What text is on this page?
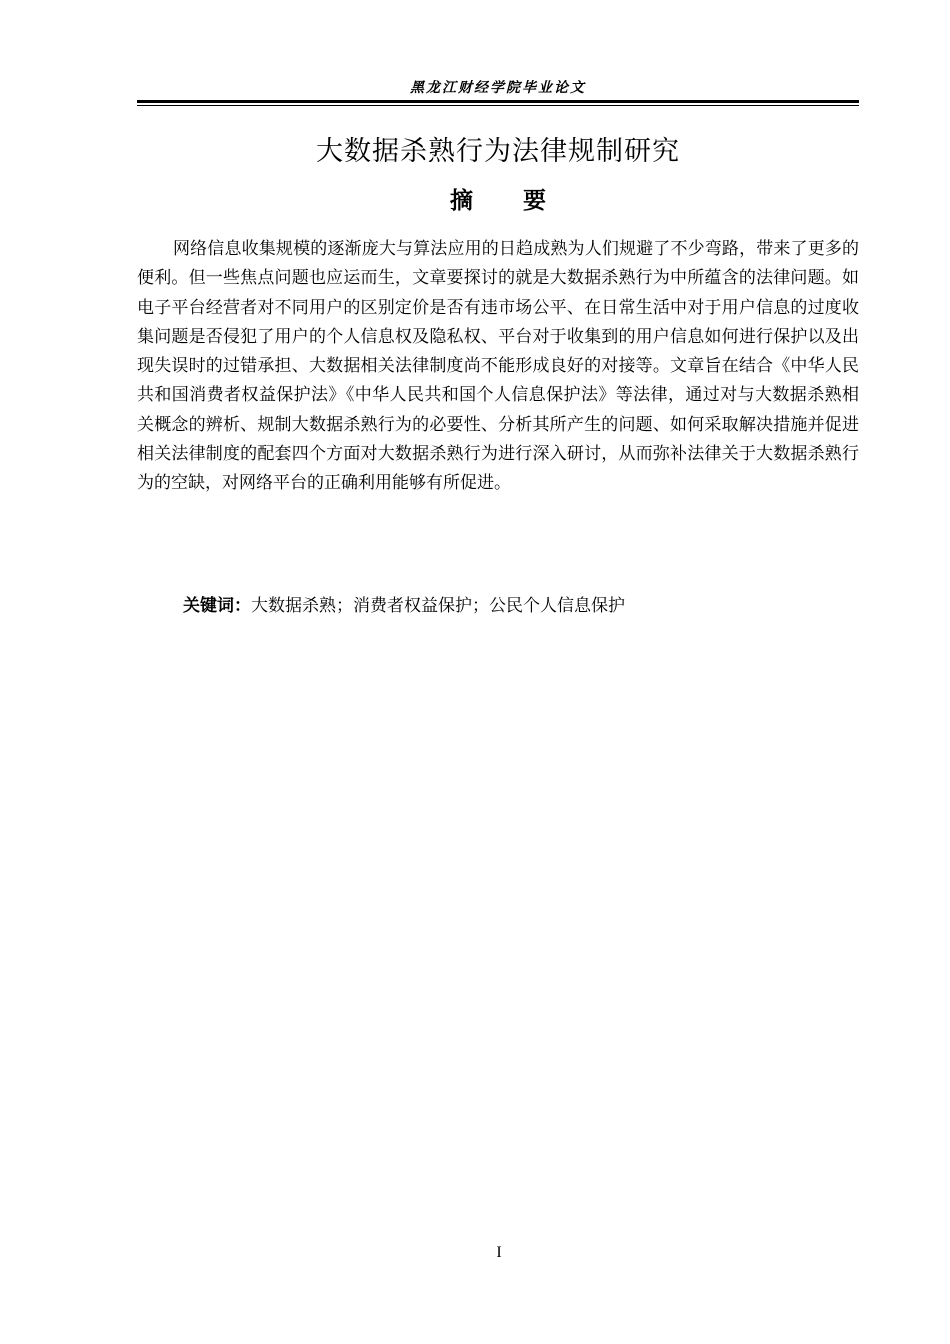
黑龙江财经学院毕业论文
大数据杀熟行为法律规制研究
摘要

网络信息收集规模的逐渐庞大与算法应用的日趋成熟为人们规避了不少弯路，带来了更多的便利。但一些焦点问题也应运而生，文章要探讨的就是大数据杀熟行为中所蕴含的法律问题。如电子平台经营者对不同用户的区别定价是否有违市场公平、在日常生活中对于用户信息的过度收集问题是否侵犯了用户的个人信息权及隐私权、平台对于收集到的用户信息如何进行保护以及出现失误时的过错承担、大数据相关法律制度尚不能形成良好的对接等。文章旨在结合《中华人民共和国消费者权益保护法》《中华人民共和国个人信息保护法》等法律，通过对与大数据杀熟相关概念的辨析、规制大数据杀熟行为的必要性、分析其所产生的问题、如何采取解决措施并促进相关法律制度的配套四个方面对大数据杀熟行为进行深入研讨，从而弥补法律关于大数据杀熟行为的空缺，对网络平台的正确利用能够有所促进。

关键词：大数据杀熟；消费者权益保护；公民个人信息保护
I
